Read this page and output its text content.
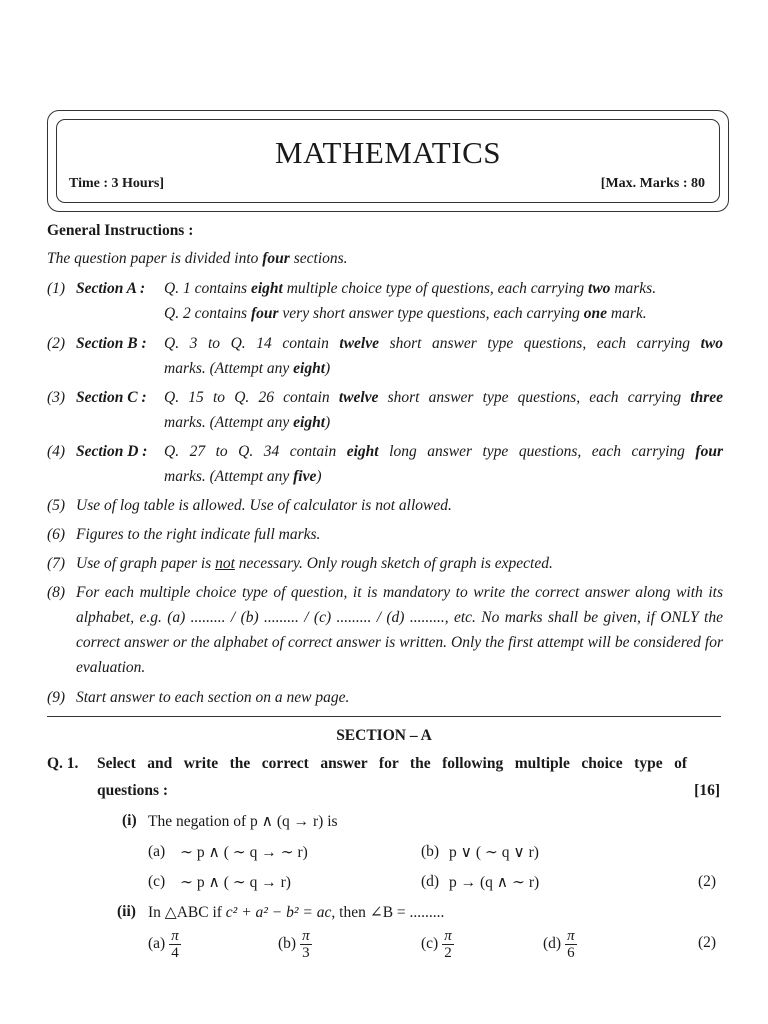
MATHEMATICS
Time : 3 Hours]	[Max. Marks : 80
General Instructions :
The question paper is divided into four sections.
(1) Section A : Q. 1 contains eight multiple choice type of questions, each carrying two marks.
Q. 2 contains four very short answer type questions, each carrying one mark.
(2) Section B : Q. 3 to Q. 14 contain twelve short answer type questions, each carrying two
marks. (Attempt any eight)
(3) Section C : Q. 15 to Q. 26 contain twelve short answer type questions, each carrying three
marks. (Attempt any eight)
(4) Section D : Q. 27 to Q. 34 contain eight long answer type questions, each carrying four
marks. (Attempt any five)
(5) Use of log table is allowed. Use of calculator is not allowed.
(6) Figures to the right indicate full marks.
(7) Use of graph paper is not necessary. Only rough sketch of graph is expected.
(8) For each multiple choice type of question, it is mandatory to write the correct answer along with its alphabet, e.g. (a) ......... / (b) ......... / (c) ......... / (d) ........., etc. No marks shall be given, if ONLY the correct answer or the alphabet of correct answer is written. Only the first attempt will be considered for evaluation.
(9) Start answer to each section on a new page.
SECTION – A
Q. 1. Select and write the correct answer for the following multiple choice type of
questions :	[16]
(i) The negation of p ∧ (q → r) is
(a) ∼ p ∧ ( ∼ q → ∼ r)	(b) p ∨ ( ∼ q ∨ r)
(c) ∼ p ∧ ( ∼ q → r)	(d) p → (q ∧ ∼ r)	(2)
(ii) In △ABC if c² + a² − b² = ac, then ∠B = .........
$(a) \frac{\pi}{4}$	$(b) \frac{\pi}{3}$	$(c) \frac{\pi}{2}$	$(d) \frac{\pi}{6}$	(2)
